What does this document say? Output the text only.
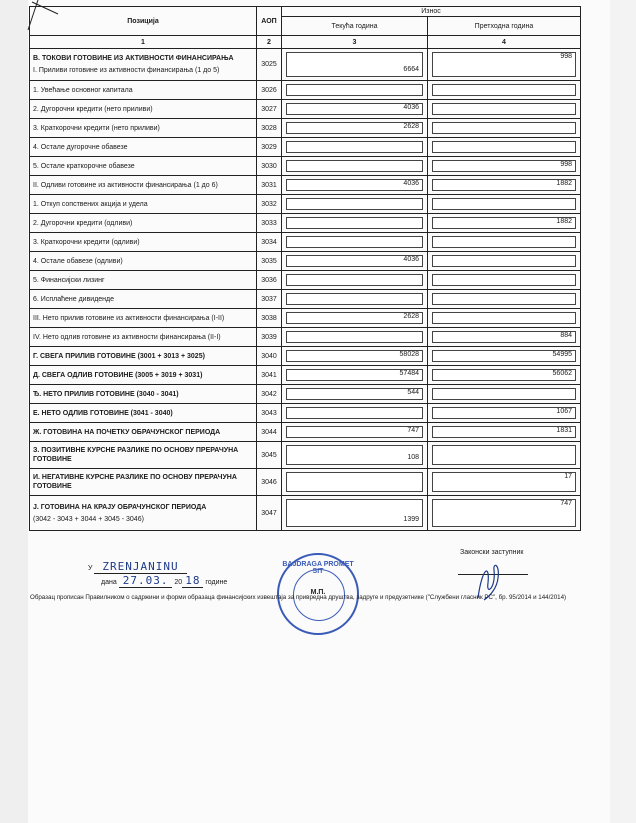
Позиција	АОП	Износ	
		Текућа година	Претходна година
1	2	3	4

В. ТОКОВИ ГОТОВИНЕ ИЗ АКТИВНОСТИ ФИНАНСИРАЊА
I. Приливи готовине из активности финансирања (1 до 5)	3025	6664	998

1. Увећање основног капитала	3026	

2. Дугорочни кредити (нето приливи)	3027	4036	

3. Краткорочни кредити (нето приливи)	3028	2628	

4. Остале дугорочне обавезе	3029	

5. Остале краткорочне обавезе	3030		998

II. Одливи готовине из активности финансирања (1 до 6)	3031	4036	1882

1. Откуп сопствених акција и удела	3032	

2. Дугорочни кредити (одливи)	3033		1882

3. Краткорочни кредити (одливи)	3034	

4. Остале обавезе (одливи)	3035	4036	

5. Финансијски лизинг	3036	

6. Исплаћене дивиденде	3037	

III. Нето прилив готовине из активности финансирања (I-II)	3038	2628	

IV. Нето одлив готовине из активности финансирања (II-I)	3039		884

Г. СВЕГА ПРИЛИВ ГОТОВИНЕ (3001 + 3013 + 3025)	3040	58028	54995

Д. СВЕГА ОДЛИВ ГОТОВИНЕ (3005 + 3019 + 3031)	3041	57484	56062

Ђ. НЕТО ПРИЛИВ ГОТОВИНЕ (3040 - 3041)	3042	544	

Е. НЕТО ОДЛИВ ГОТОВИНЕ (3041 - 3040)	3043		1067

Ж. ГОТОВИНА НА ПОЧЕТКУ ОБРАЧУНСКОГ ПЕРИОДА	3044	747	1831

З. ПОЗИТИВНЕ КУРСНЕ РАЗЛИКЕ ПО ОСНОВУ ПРЕРАЧУНА ГОТОВИНЕ	3045	108	

И. НЕГАТИВНЕ КУРСНЕ РАЗЛИКЕ ПО ОСНОВУ ПРЕРАЧУНА ГОТОВИНЕ	3046		17

Ј. ГОТОВИНА НА КРАЈУ ОБРАЧУНСКОГ ПЕРИОДА
(3042 - 3043 + 3044 + 3045 - 3046)	3047	1399	747
У ZRENJANINU
дана 27.03. 20 18 године
BAJDRAGA PROMET SIT
М.П.
Законски заступник
Образац прописан Правилником о садржини и форми образаца финансијских извештаја за привредна друштва, задруге и предузетнике ("Службени гласник РС", бр. 95/2014 и 144/2014)
